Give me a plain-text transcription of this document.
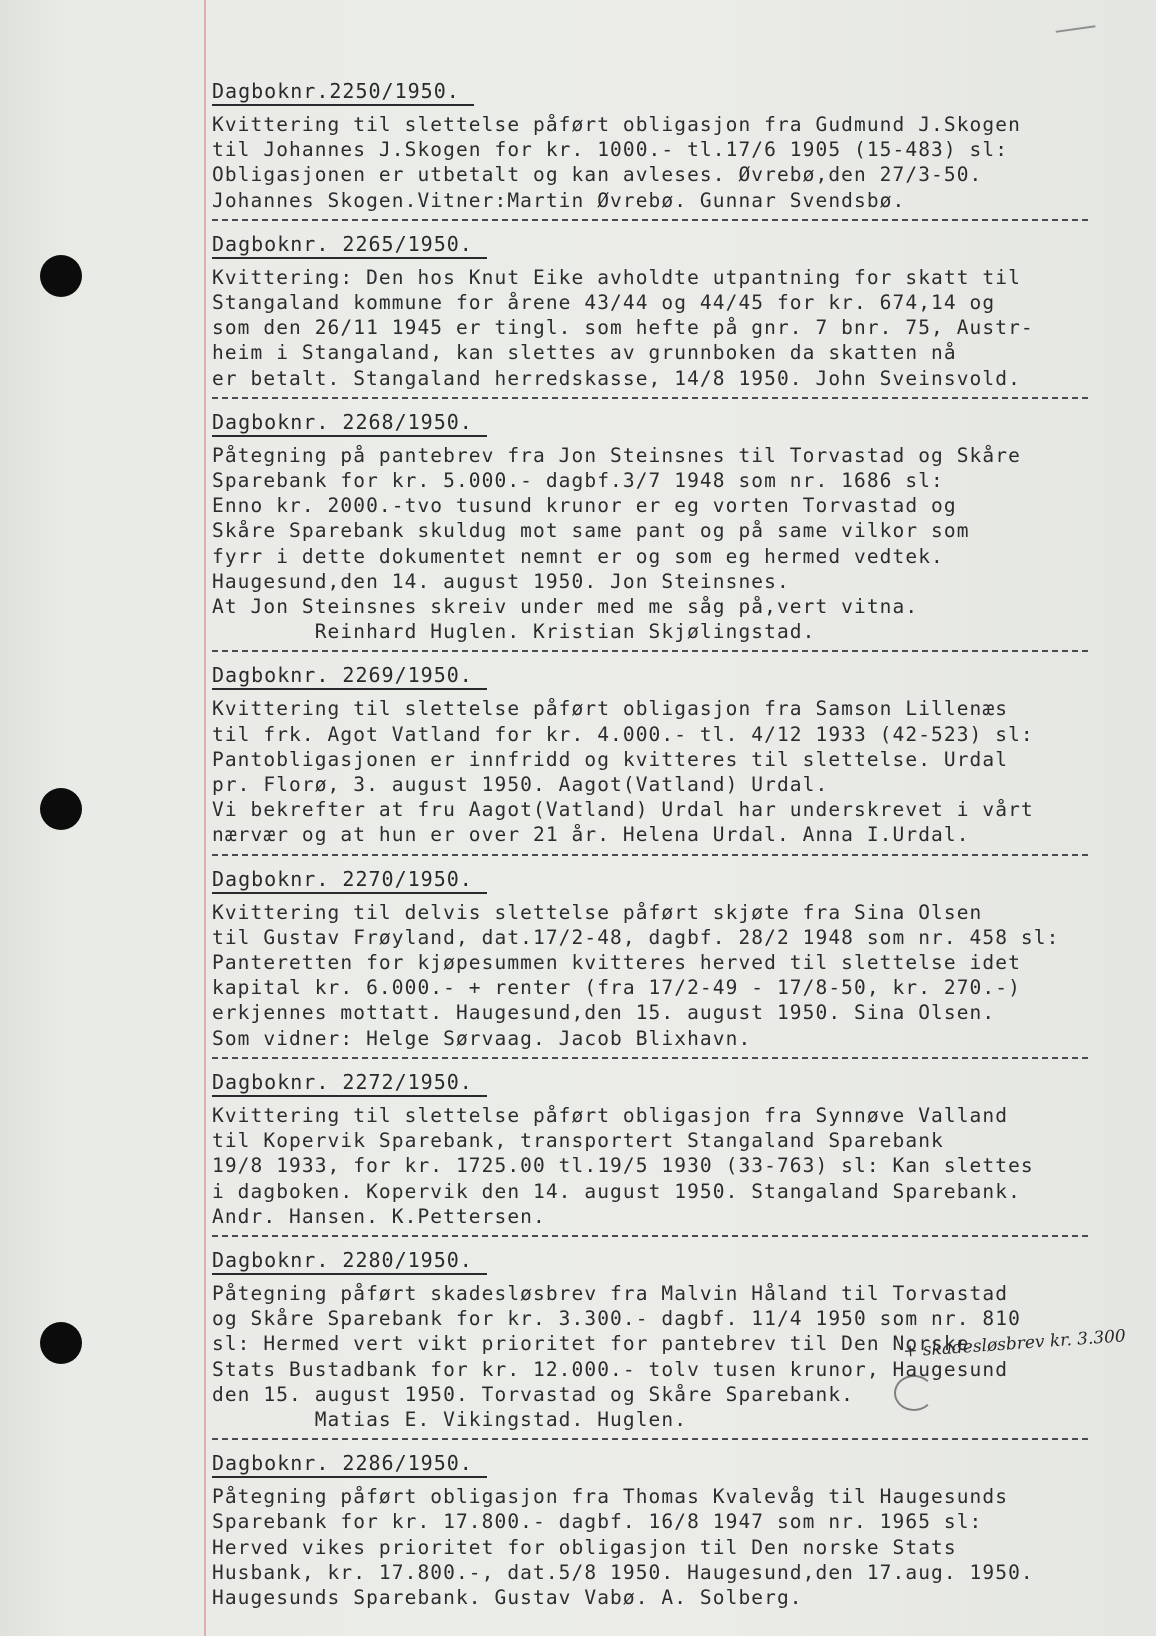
Dagboknr.2250/1950.
Kvittering til slettelse påført obligasjon fra Gudmund J.Skogen
til Johannes J.Skogen for kr. 1000.- tl.17/6 1905 (15-483) sl:
Obligasjonen er utbetalt og kan avleses. Øvrebø,den 27/3-50.
Johannes Skogen.Vitner:Martin Øvrebø. Gunnar Svendsbø.
Dagboknr. 2265/1950.
Kvittering: Den hos Knut Eike avholdte utpantning for skatt til
Stangaland kommune for årene 43/44 og 44/45 for kr. 674,14 og
som den 26/11 1945 er tingl. som hefte på gnr. 7 bnr. 75, Austr-
heim i Stangaland, kan slettes av grunnboken da skatten nå
er betalt. Stangaland herredskasse, 14/8 1950. John Sveinsvold.
Dagboknr. 2268/1950.
Påtegning på pantebrev fra Jon Steinsnes til Torvastad og Skåre
Sparebank for kr. 5.000.- dagbf.3/7 1948 som nr. 1686 sl:
Enno kr. 2000.-tvo tusund krunor er eg vorten Torvastad og
Skåre Sparebank skuldug mot same pant og på same vilkor som
fyrr i dette dokumentet nemnt er og som eg hermed vedtek.
Haugesund,den 14. august 1950. Jon Steinsnes.
At Jon Steinsnes skreiv under med me såg på,vert vitna.
Reinhard Huglen. Kristian Skjølingstad.
Dagboknr. 2269/1950.
Kvittering til slettelse påført obligasjon fra Samson Lillenæs
til frk. Agot Vatland for kr. 4.000.- tl. 4/12 1933 (42-523) sl:
Pantobligasjonen er innfridd og kvitteres til slettelse. Urdal
pr. Florø, 3. august 1950. Aagot(Vatland) Urdal.
Vi bekrefter at fru Aagot(Vatland) Urdal har underskrevet i vårt
nærvær og at hun er over 21 år. Helena Urdal. Anna I.Urdal.
Dagboknr. 2270/1950.
Kvittering til delvis slettelse påført skjøte fra Sina Olsen
til Gustav Frøyland, dat.17/2-48, dagbf. 28/2 1948 som nr. 458 sl:
Panteretten for kjøpesummen kvitteres herved til slettelse idet
kapital kr. 6.000.- + renter (fra 17/2-49 - 17/8-50, kr. 270.-)
erkjennes mottatt. Haugesund,den 15. august 1950. Sina Olsen.
Som vidner: Helge Sørvaag. Jacob Blixhavn.
Dagboknr. 2272/1950.
Kvittering til slettelse påført obligasjon fra Synnøve Valland
til Kopervik Sparebank, transportert Stangaland Sparebank
19/8 1933, for kr. 1725.00 tl.19/5 1930 (33-763) sl: Kan slettes
i dagboken. Kopervik den 14. august 1950. Stangaland Sparebank.
Andr. Hansen. K.Pettersen.
Dagboknr. 2280/1950.
Påtegning påført skadesløsbrev fra Malvin Håland til Torvastad
og Skåre Sparebank for kr. 3.300.- dagbf. 11/4 1950 som nr. 810
sl: Hermed vert vikt prioritet for pantebrev til Den Norske
Stats Bustadbank for kr. 12.000.- tolv tusen krunor, Haugesund
den 15. august 1950. Torvastad og Skåre Sparebank.
Matias E. Vikingstad. Huglen.
Dagboknr. 2286/1950.
Påtegning påført obligasjon fra Thomas Kvalevåg til Haugesunds
Sparebank for kr. 17.800.- dagbf. 16/8 1947 som nr. 1965 sl:
Herved vikes prioritet for obligasjon til Den norske Stats
Husbank, kr. 17.800.-, dat.5/8 1950. Haugesund,den 17.aug. 1950.
Haugesunds Sparebank. Gustav Vabø. A. Solberg.
+ skadesløsbrev kr. 3.300
